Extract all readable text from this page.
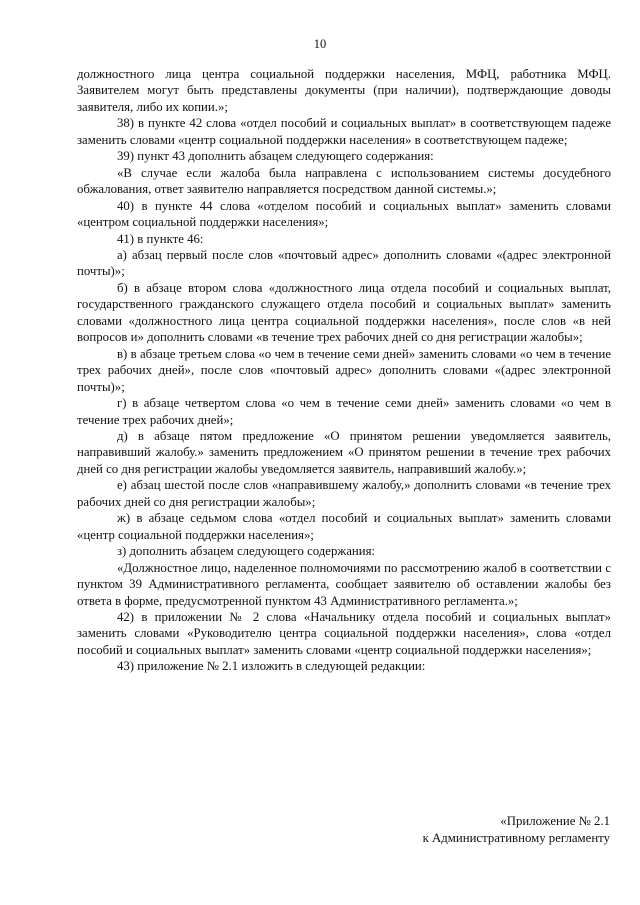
10

должностного лица центра социальной поддержки населения, МФЦ, работника МФЦ. Заявителем могут быть представлены документы (при наличии), подтверждающие доводы заявителя, либо их копии.»;

38) в пункте 42 слова «отдел пособий и социальных выплат» в соответствующем падеже заменить словами «центр социальной поддержки населения» в соответствующем падеже;

39) пункт 43 дополнить абзацем следующего содержания:

«В случае если жалоба была направлена с использованием системы досудебного обжалования, ответ заявителю направляется посредством данной системы.»;

40) в пункте 44 слова «отделом пособий и социальных выплат» заменить словами «центром социальной поддержки населения»;

41) в пункте 46:

а) абзац первый после слов «почтовый адрес» дополнить словами «(адрес электронной почты)»;

б) в абзаце втором слова «должностного лица отдела пособий и социальных выплат, государственного гражданского служащего отдела пособий и социальных выплат» заменить словами «должностного лица центра социальной поддержки населения», после слов «в ней вопросов и» дополнить словами «в течение трех рабочих дней со дня регистрации жалобы»;

в) в абзаце третьем слова «о чем в течение семи дней» заменить словами «о чем в течение трех рабочих дней», после слов «почтовый адрес» дополнить словами «(адрес электронной почты)»;

г) в абзаце четвертом слова «о чем в течение семи дней» заменить словами «о чем в течение трех рабочих дней»;

д) в абзаце пятом предложение «О принятом решении уведомляется заявитель, направивший жалобу.» заменить предложением «О принятом решении в течение трех рабочих дней со дня регистрации жалобы уведомляется заявитель, направивший жалобу.»;

е) абзац шестой после слов «направившему жалобу,» дополнить словами «в течение трех рабочих дней со дня регистрации жалобы»;

ж) в абзаце седьмом слова «отдел пособий и социальных выплат» заменить словами «центр социальной поддержки населения»;

з) дополнить абзацем следующего содержания:

«Должностное лицо, наделенное полномочиями по рассмотрению жалоб в соответствии с пунктом 39 Административного регламента, сообщает заявителю об оставлении жалобы без ответа в форме, предусмотренной пунктом 43 Административного регламента.»;

42) в приложении № 2 слова «Начальнику отдела пособий и социальных выплат» заменить словами «Руководителю центра социальной поддержки населения», слова «отдел пособий и социальных выплат» заменить словами «центр социальной поддержки населения»;

43) приложение № 2.1 изложить в следующей редакции:

«Приложение № 2.1
к Административному регламенту
